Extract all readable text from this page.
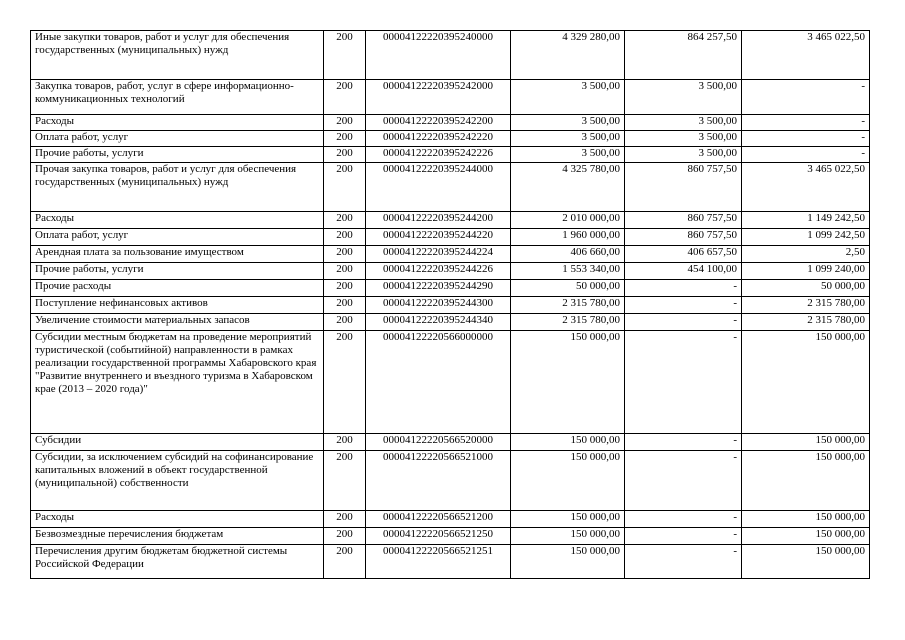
Иные закупки товаров, работ и услуг для обеспечения государственных (муниципальных) нужд	200	00004122220395240000	4 329 280,00	864 257,50	3 465 022,50
Закупка товаров, работ, услуг в сфере информационно-коммуникационных технологий	200	00004122220395242000	3 500,00	3 500,00	-
Расходы	200	00004122220395242200	3 500,00	3 500,00	-
Оплата работ, услуг	200	00004122220395242220	3 500,00	3 500,00	-
Прочие работы, услуги	200	00004122220395242226	3 500,00	3 500,00	-
Прочая закупка товаров, работ и услуг для обеспечения государственных (муниципальных) нужд	200	00004122220395244000	4 325 780,00	860 757,50	3 465 022,50
Расходы	200	00004122220395244200	2 010 000,00	860 757,50	1 149 242,50
Оплата работ, услуг	200	00004122220395244220	1 960 000,00	860 757,50	1 099 242,50
Арендная плата за пользование имуществом	200	00004122220395244224	406 660,00	406 657,50	2,50
Прочие работы, услуги	200	00004122220395244226	1 553 340,00	454 100,00	1 099 240,00
Прочие расходы	200	00004122220395244290	50 000,00	-	50 000,00
Поступление нефинансовых активов	200	00004122220395244300	2 315 780,00	-	2 315 780,00
Увеличение стоимости материальных запасов	200	00004122220395244340	2 315 780,00	-	2 315 780,00
Субсидии местным бюджетам на проведение мероприятий туристической (событийной) направленности в рамках реализации государственной программы Хабаровского края "Развитие внутреннего и въездного туризма в Хабаровском крае (2013 – 2020 года)"	200	00004122220566000000	150 000,00	-	150 000,00
Субсидии	200	00004122220566520000	150 000,00	-	150 000,00
Субсидии, за исключением субсидий на софинансирование капитальных вложений в объект государственной (муниципальной) собственности	200	00004122220566521000	150 000,00	-	150 000,00
Расходы	200	00004122220566521200	150 000,00	-	150 000,00
Безвозмездные перечисления бюджетам	200	00004122220566521250	150 000,00	-	150 000,00
Перечисления другим бюджетам бюджетной системы Российской Федерации	200	00004122220566521251	150 000,00	-	150 000,00
